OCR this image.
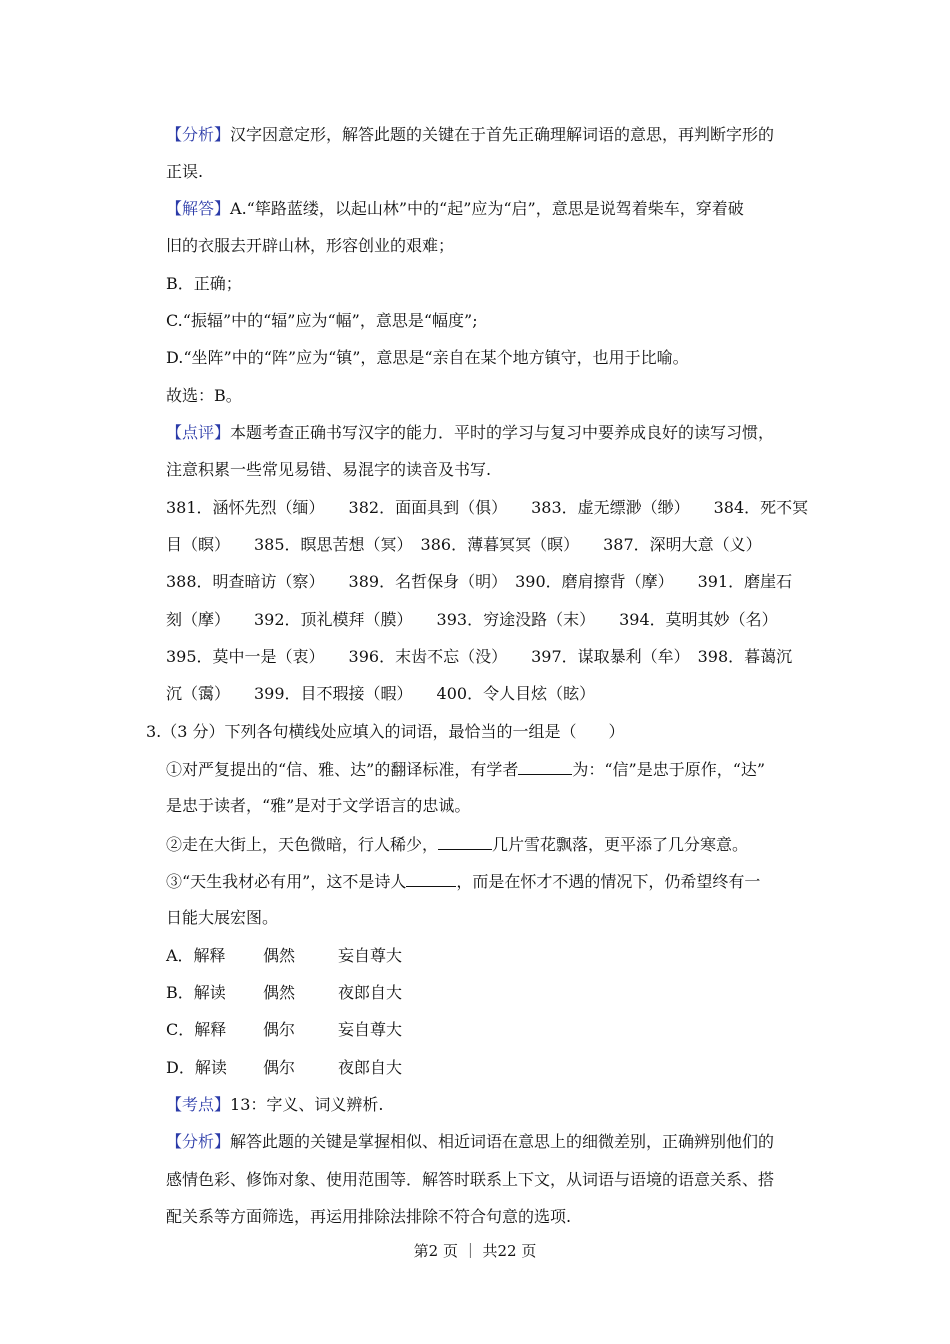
【分析】汉字因意定形，解答此题的关键在于首先正确理解词语的意思，再判断字形的
正误.
【解答】A.“筚路蓝缕，以起山林”中的“起”应为“启”，意思是说驾着柴车，穿着破
旧的衣服去开辟山林，形容创业的艰难；
B．正确；
C.“振辐”中的“辐”应为“幅”，意思是“幅度”;
D.“坐阵”中的“阵”应为“镇”，意思是“亲自在某个地方镇守，也用于比喻。
故选：B。
【点评】本题考查正确书写汉字的能力．平时的学习与复习中要养成良好的读写习惯，
注意积累一些常见易错、易混字的读音及书写.
381．涵怀先烈（缅）　　382．面面具到（俱）　　383．虚无缥渺（缈）　　384．死不冥
目（瞑）　　385．瞑思苦想（冥）　386．薄暮冥冥（暝）　　387．深明大意（义）
388．明查暗访（察）　　389．名哲保身（明）　390．磨肩擦背（摩）　　391．磨崖石
刻（摩）　　392．顶礼模拜（膜）　　393．穷途没路（末）　　394．莫明其妙（名）
395．莫中一是（衷）　　396．末齿不忘（没）　　397．谋取暴利（牟）　398．暮蔼沉
沉（霭）　　399．目不瑕接（暇）　　400．令人目炫（眩）
3.（3 分）下列各句横线处应填入的词语，最恰当的一组是（　　）
①对严复提出的“信、雅、达”的翻译标准，有学者	为：“信”是忠于原作，“达”
是忠于读者，“雅”是对于文学语言的忠诚。
②走在大街上，天色微暗，行人稀少，	几片雪花飘落，更平添了几分寒意。
③“天生我材必有用”，这不是诗人	，而是在怀才不遇的情况下，仍希望终有一
日能大展宏图。
A．解释 偶然	妄自尊大
B．解读 偶然	夜郎自大
C．解释 偶尔	妄自尊大
D．解读 偶尔	夜郎自大
【考点】13：字义、词义辨析.
【分析】解答此题的关键是掌握相似、相近词语在意思上的细微差别，正确辨别他们的
感情色彩、修饰对象、使用范围等．解答时联系上下文，从词语与语境的语意关系、搭
配关系等方面筛选，再运用排除法排除不符合句意的选项.
第2 页 ｜ 共22 页
